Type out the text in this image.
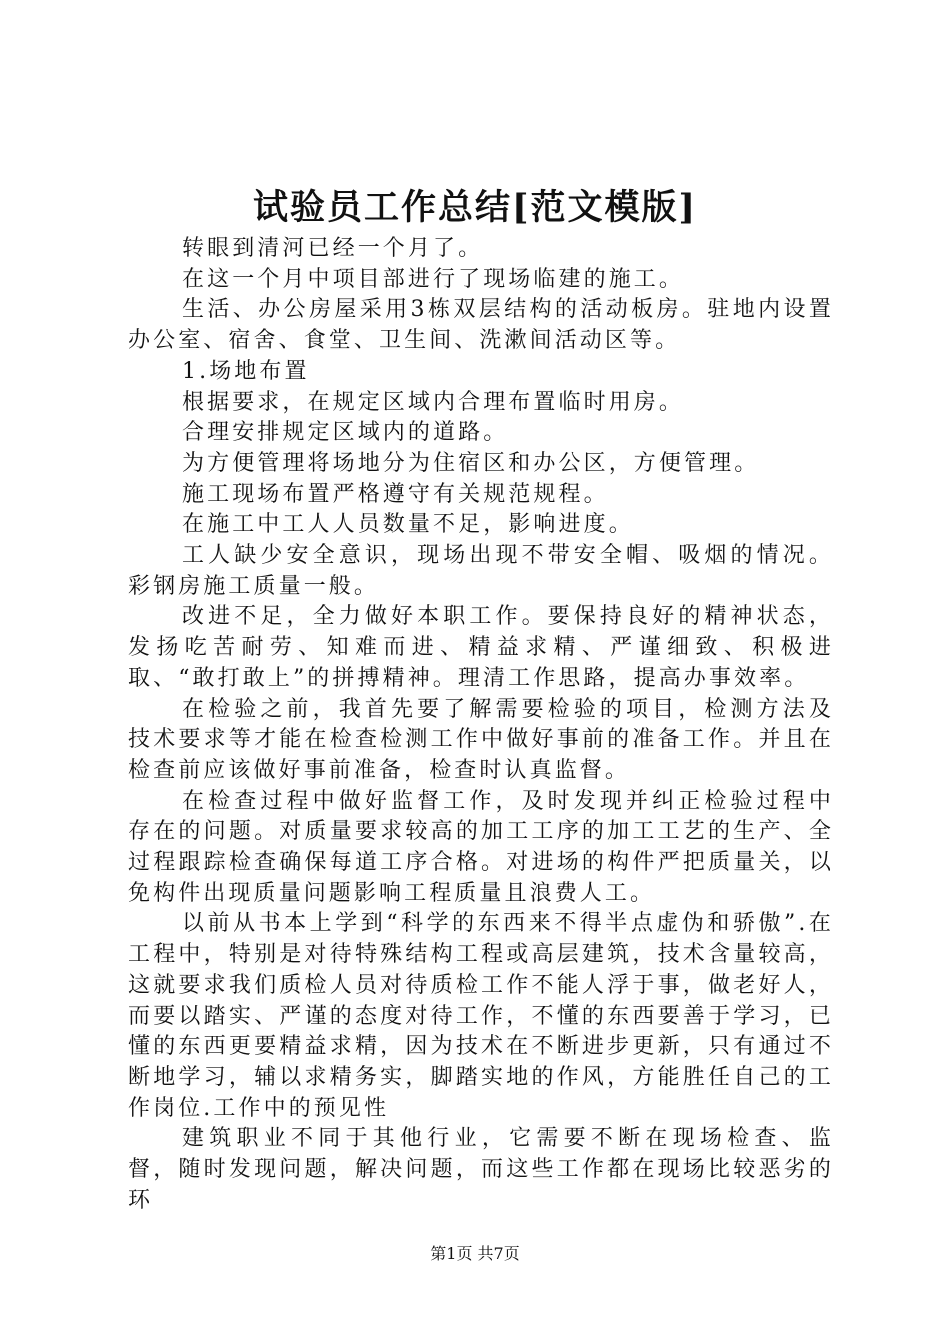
试验员工作总结[范文模版]

转眼到清河已经一个月了。

在这一个月中项目部进行了现场临建的施工。

生活、办公房屋采用3栋双层结构的活动板房。驻地内设置办公室、宿舍、食堂、卫生间、洗漱间活动区等。

1.场地布置

根据要求，在规定区域内合理布置临时用房。

合理安排规定区域内的道路。

为方便管理将场地分为住宿区和办公区，方便管理。

施工现场布置严格遵守有关规范规程。

在施工中工人人员数量不足，影响进度。

工人缺少安全意识，现场出现不带安全帽、吸烟的情况。彩钢房施工质量一般。

改进不足，全力做好本职工作。要保持良好的精神状态，发扬吃苦耐劳、知难而进、精益求精、严谨细致、积极进取、“敢打敢上”的拼搏精神。理清工作思路，提高办事效率。

在检验之前，我首先要了解需要检验的项目，检测方法及技术要求等才能在检查检测工作中做好事前的准备工作。并且在检查前应该做好事前准备，检查时认真监督。

在检查过程中做好监督工作，及时发现并纠正检验过程中存在的问题。对质量要求较高的加工工序的加工工艺的生产、全过程跟踪检查确保每道工序合格。对进场的构件严把质量关，以免构件出现质量问题影响工程质量且浪费人工。

以前从书本上学到“科学的东西来不得半点虚伪和骄傲”.在工程中，特别是对待特殊结构工程或高层建筑，技术含量较高，这就要求我们质检人员对待质检工作不能人浮于事，做老好人，而要以踏实、严谨的态度对待工作，不懂的东西要善于学习，已懂的东西更要精益求精，因为技术在不断进步更新，只有通过不断地学习，辅以求精务实，脚踏实地的作风，方能胜任自己的工作岗位.工作中的预见性

建筑职业不同于其他行业，它需要不断在现场检查、监督，随时发现问题，解决问题，而这些工作都在现场比较恶劣的环

第1页 共7页
